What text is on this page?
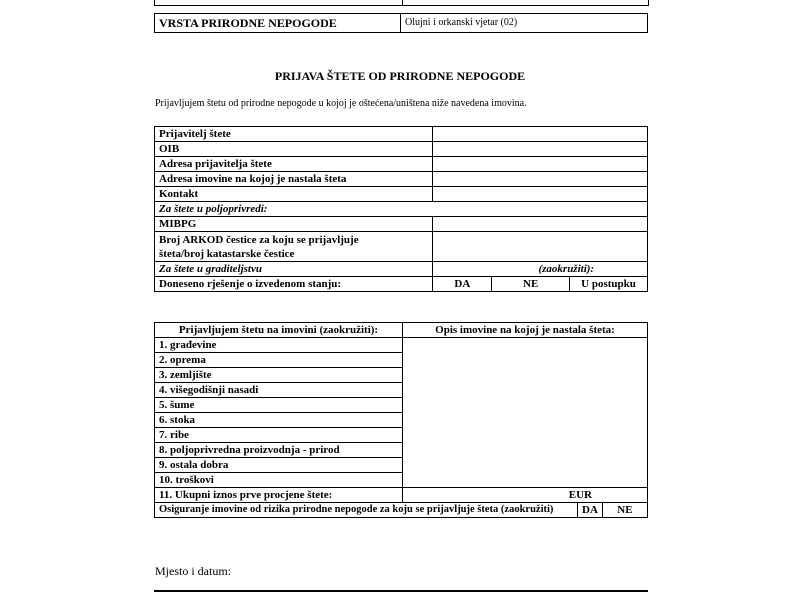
VRSTA PRIRODNE NEPOGODE	Olujni i orkanski vjetar (02)
PRIJAVA ŠTETE OD PRIRODNE NEPOGODE
Prijavljujem štetu od prirodne nepogode u kojoj je oštećena/uništena niže navedena imovina.
Prijavitelj štete			
OIB			
Adresa prijavitelja štete			
Adresa imovine na kojoj je nastala šteta			
Kontakt			
Za štete u poljoprivredi:			
MIBPG			

Broj ARKOD čestice za koju se prijavljuje
šteta/broj katastarske čestice			

Za štete u graditeljstvu	(zaokružiti):		
Doneseno rješenje o izvedenom stanju:	DA	NE	U postupku
Prijavljujem štetu na imovini (zaokružiti):	Opis imovine na kojoj je nastala šteta:		
1. građevine			
2. oprema			
3. zemljište			
4. višegodišnji nasadi			
5. šume			
6. stoka			
7. ribe			
8. poljoprivredna proizvodnja - prirod			
9. ostala dobra			
10. troškovi			
11. Ukupni iznos prve procjene štete:	EUR		
Osiguranje imovine od rizika prirodne nepogode za koju se prijavljuje šteta (zaokružiti)		DA	NE
Mjesto i datum:
